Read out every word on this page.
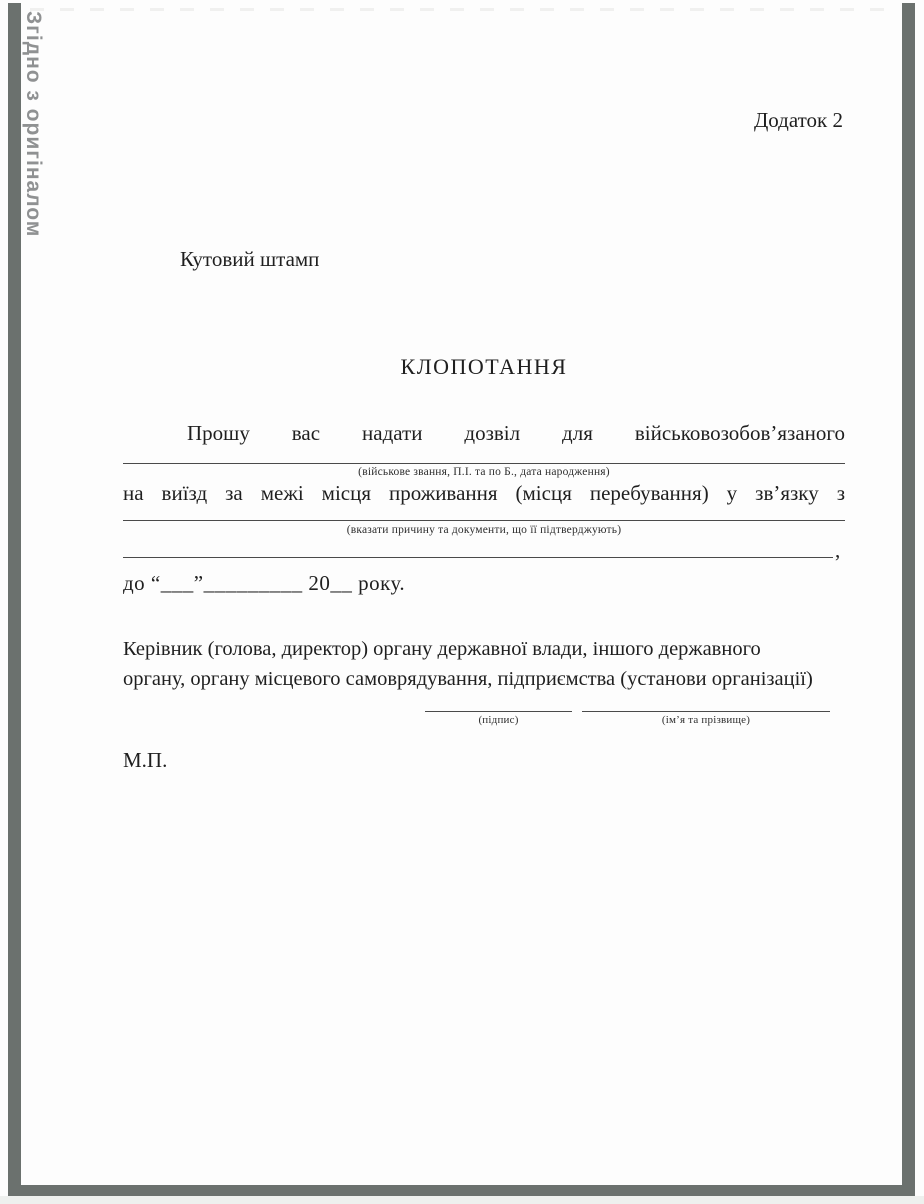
Згідно з оригіналом	Додаток 2
Кутовий штамп
КЛОПОТАННЯ
Прошу вас надати дозвіл для військовозобов’язаного
(військове звання, П.І. та по Б., дата народження)
на виїзд за межі місця проживання (місця перебування) у зв’язку з
(вказати причину та документи, що її підтверджують)
,
до “___”_________ 20__ року.
Керівник (голова, директор) органу державної влади, іншого державного
органу, органу місцевого самоврядування, підприємства (установи організації)
(підпис)	(ім’я та прізвище)
М.П.
